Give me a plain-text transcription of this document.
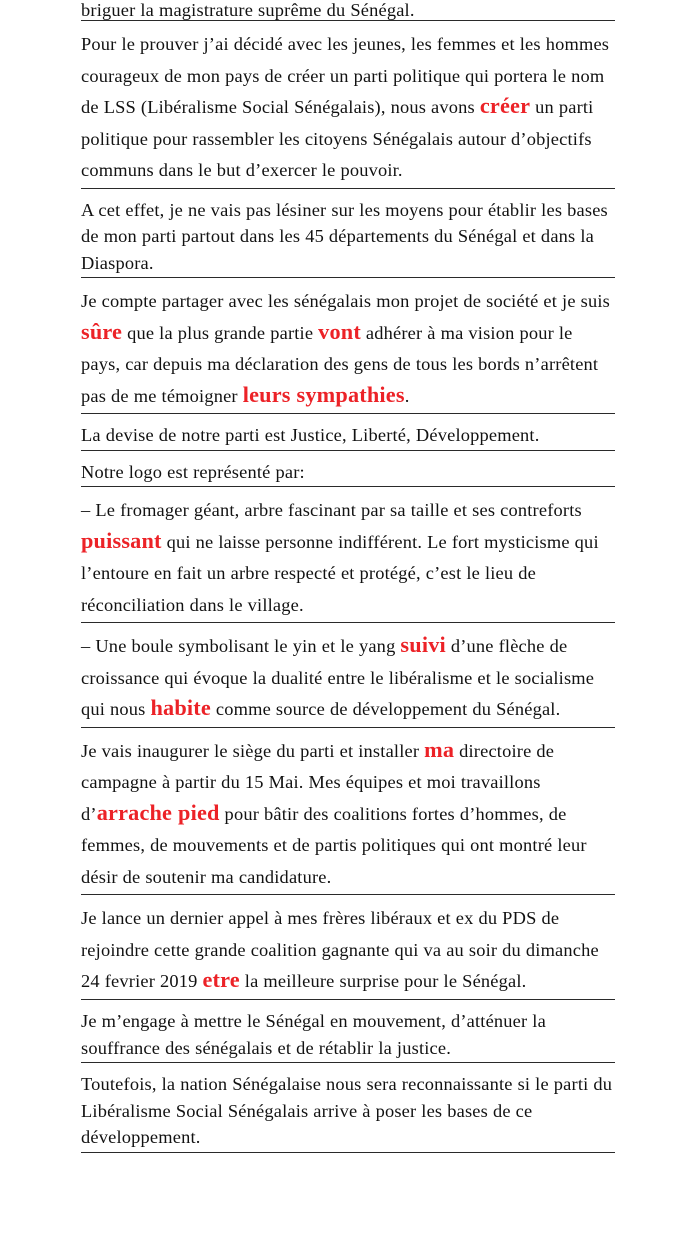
briguer la magistrature suprême du Sénégal.

Pour le prouver j’ai décidé avec les jeunes, les femmes et les hommes courageux de mon pays de créer un parti politique qui portera le nom de LSS (Libéralisme Social Sénégalais), nous avons créer un parti politique pour rassembler les citoyens Sénégalais autour d’objectifs communs dans le but d’exercer le pouvoir.

A cet effet, je ne vais pas lésiner sur les moyens pour établir les bases de mon parti partout dans les 45 départements du Sénégal et dans la Diaspora.

Je compte partager avec les sénégalais mon projet de société et je suis sûre que la plus grande partie vont adhérer à ma vision pour le pays, car depuis ma déclaration des gens de tous les bords n’arrêtent pas de me témoigner leurs sympathies.

La devise de notre parti est Justice, Liberté, Développement.

Notre logo est représenté par:

– Le fromager géant, arbre fascinant par sa taille et ses contreforts puissant qui ne laisse personne indifférent. Le fort mysticisme qui l’entoure en fait un arbre respecté et protégé, c’est le lieu de réconciliation dans le village.

– Une boule symbolisant le yin et le yang suivi d’une flèche de croissance qui évoque la dualité entre le libéralisme et le socialisme qui nous habite comme source de développement du Sénégal.

Je vais inaugurer le siège du parti et installer ma directoire de campagne à partir du 15 Mai. Mes équipes et moi travaillons d’arrache pied pour bâtir des coalitions fortes d’hommes, de femmes, de mouvements et de partis politiques qui ont montré leur désir de soutenir ma candidature.

Je lance un dernier appel à mes frères libéraux et ex du PDS de rejoindre cette grande coalition gagnante qui va au soir du dimanche 24 fevrier 2019 etre la meilleure surprise pour le Sénégal.

Je m’engage à mettre le Sénégal en mouvement, d’atténuer la souffrance des sénégalais et de rétablir la justice.

Toutefois, la nation Sénégalaise nous sera reconnaissante si le parti du Libéralisme Social Sénégalais arrive à poser les bases de ce développement.
